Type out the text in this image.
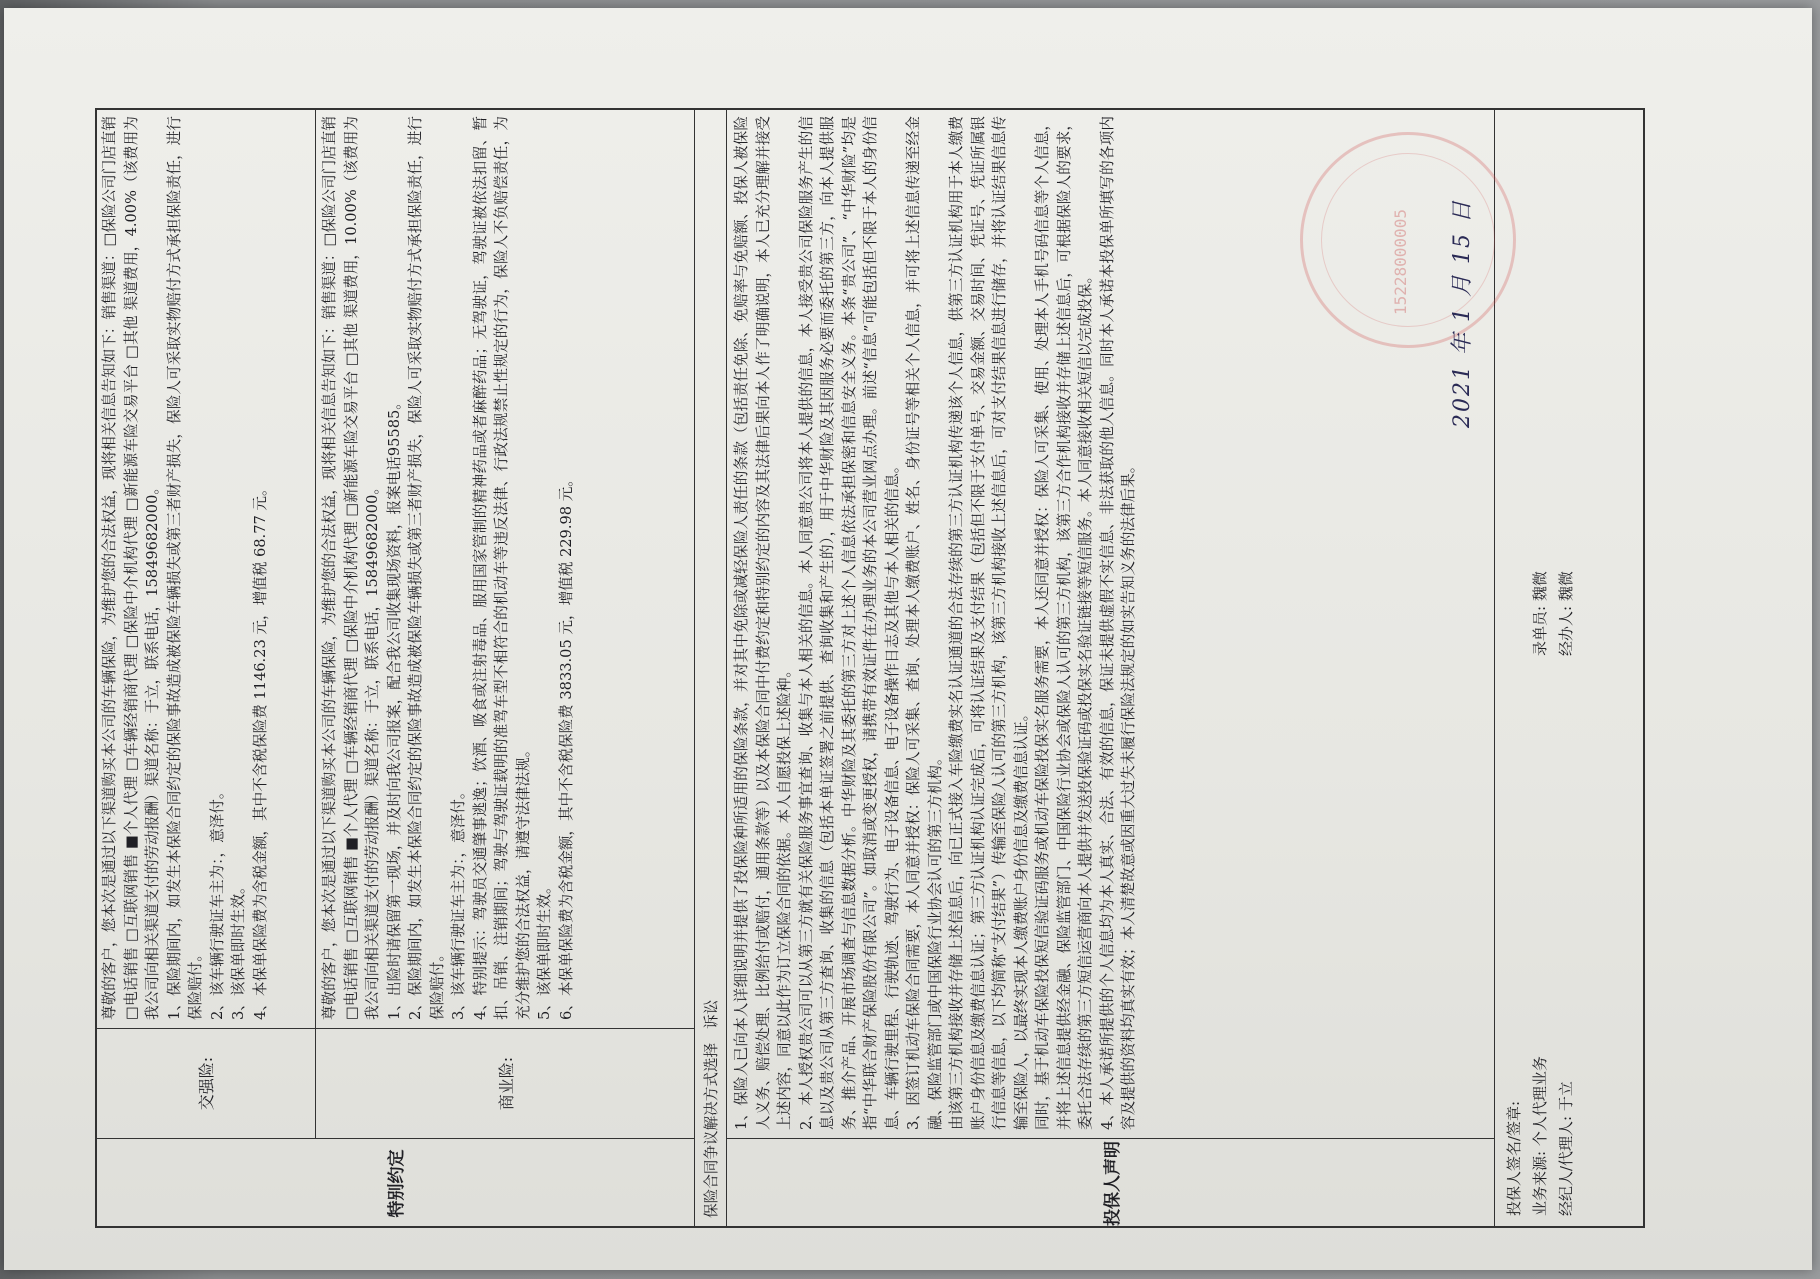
特别约定
交强险:

尊敬的客户，您本次是通过以下渠道购买本公司的车辆保险，为维护您的合法权益，现将相关信息告知如下：销售渠道：□保险公司门店直销 □电话销售 □互联网销售 ■个人代理 □车辆经销商代理 □保险中介机构代理 □新能源车险交易平台 □其他 渠道费用，4.00%（该费用为我公司向相关渠道支付的劳动报酬）渠道名称：于立，联系电话，15849682000。 1、保险期间内，如发生本保险合同约定的保险事故造成被保险车辆损失或第三者财产损失，保险人可采取实物赔付方式承担保险责任，进行保险赔付。 2、该车辆行驶证车主为：，意泽付。 3、该保单即时生效。 4、本保单保险费为含税金额，其中不含税保险费 1146.23 元，增值税 68.77 元。

商业险:

尊敬的客户，您本次是通过以下渠道购买本公司的车辆保险，为维护您的合法权益，现将相关信息告知如下：销售渠道：□保险公司门店直销 □电话销售 □互联网销售 ■个人代理 □车辆经销商代理 □保险中介机构代理 □新能源车险交易平台 □其他 渠道费用，10.00%（该费用为我公司向相关渠道支付的劳动报酬）渠道名称：于立，联系电话，15849682000。 1、出险时请保留第一现场，并及时向我公司报案，配合我公司收集现场资料，报案电话95585。 2、保险期间内，如发生本保险合同约定的保险事故造成被保险车辆损失或第三者财产损失，保险人可采取实物赔付方式承担保险责任，进行保险赔付。 3、该车辆行驶证车主为：，意泽付。 4、特别提示：驾驶员交通肇事逃逸；饮酒、吸食或注射毒品、服用国家管制的精神药品或者麻醉药品；无驾驶证，驾驶证被依法扣留、暂扣、吊销、注销期间；驾驶与驾驶证载明的准驾车型不相符合的机动车等违反法律、行政法规禁止性规定的行为，保险人不负赔偿责任，为充分维护您的合法权益，请遵守法律法规。 5、该保单即时生效。 6、本保单保险费为含税金额，其中不含税保险费 3833.05 元，增值税 229.98 元。

保险合同争议解决方式选择   诉讼

投保人声明

1、保险人已向本人详细说明并提供了投保险种所适用的保险条款，并对其中免除或减轻保险人责任的条款（包括责任免除、免赔率与免赔额、投保人被保险人义务、赔偿处理、比例给付或赔付，通用条款等）以及本保险合同中付费约定和特别约定的内容及其法律后果向本人作了明确说明，本人已充分理解并接受上述内容，同意以此作为订立保险合同的依据。本人自愿投保上述险种。 2、本人授权贵公司可以从第三方就有关保险服务事宜查询、收集与本人相关的信息。本人同意贵公司将本人提供的信息，本人接受贵公司保险服务产生的信息以及贵公司从第三方查询、收集的信息（包括本单证签署之前提供、查询收集和产生的），用于中华财险及其因服务必要而委托的第三方，向本人提供服务、推介产品、开展市场调查与信息数据分析。中华财险及其委托的第三方对上述个人信息依法承担保密和信息安全义务。本条“贵公司”、“中华财险”均是指“中华联合财产保险股份有限公司”。如取消或变更授权，请携带有效证件在办理业务的本公司营业网点办理。前述“信息”可能包括但不限于本人的身份信息、车辆行驶里程、行驶轨迹、驾驶行为、电子设备信息、电子设备操作日志及其他与本人相关的信息。 3、因签订机动车保险合同需要，本人同意并授权：保险人可采集、查询、处理本人缴费账户、姓名、身份证号等相关个人信息，并可将上述信息传递至经金融、保险监管部门或中国保险行业协会认可的第三方机构。 由该第三方机构接收并存储上述信息后，向已正式接入车险缴费实名认证通道的合法存续的第三方认证机构传递该个人信息，供第三方认证机构用于本人缴费账户身份信息及缴费信息认证；第三方认证机构认证完成后，可将认证结果及支付结果（包括但不限于支付单号、交易金额、交易时间、凭证号、凭证所属银行信息等信息，以下均简称“支付结果”）传输至保险人认可的第三方机构，该第三方机构接收上述信息后，可对支付结果信息进行储存，并将认证结果信息传输至保险人，以最终实现本人缴费账户身份信息及缴费信息认证。 同时，基于机动车保险投保短信验证码服务或机动车保险投保实名服务需要，本人还同意并授权：保险人可采集、使用、处理本人手机号码信息等个人信息，并将上述信息提供经金融、保险监管部门、中国保险行业协会或保险人认可的第三方机构，该第三方合作机构接收并存储上述信息后，可根据保险人的要求，委托合法存续的第三方短信运营商向本人提供并发送投保验证码或投保实名验证链接等短信服务。本人同意接收相关短信以完成投保。 4、本人承诺所提供的个人信息均为本人真实、合法、有效的信息，保证未提供虚假不实信息、非法获取的他人信息。同时本人承诺本投保单所填写的各项内容及提供的资料均真实有效；本人清楚故意或因重大过失未履行保险法规定的如实告知义务的法律后果。

投保人签名/签章: 业务来源: 个人代理业务
录单员: 魏微
经纪人/代理人: 于立
经办人: 魏微
15228000005 2021 年 1 月 15 日
